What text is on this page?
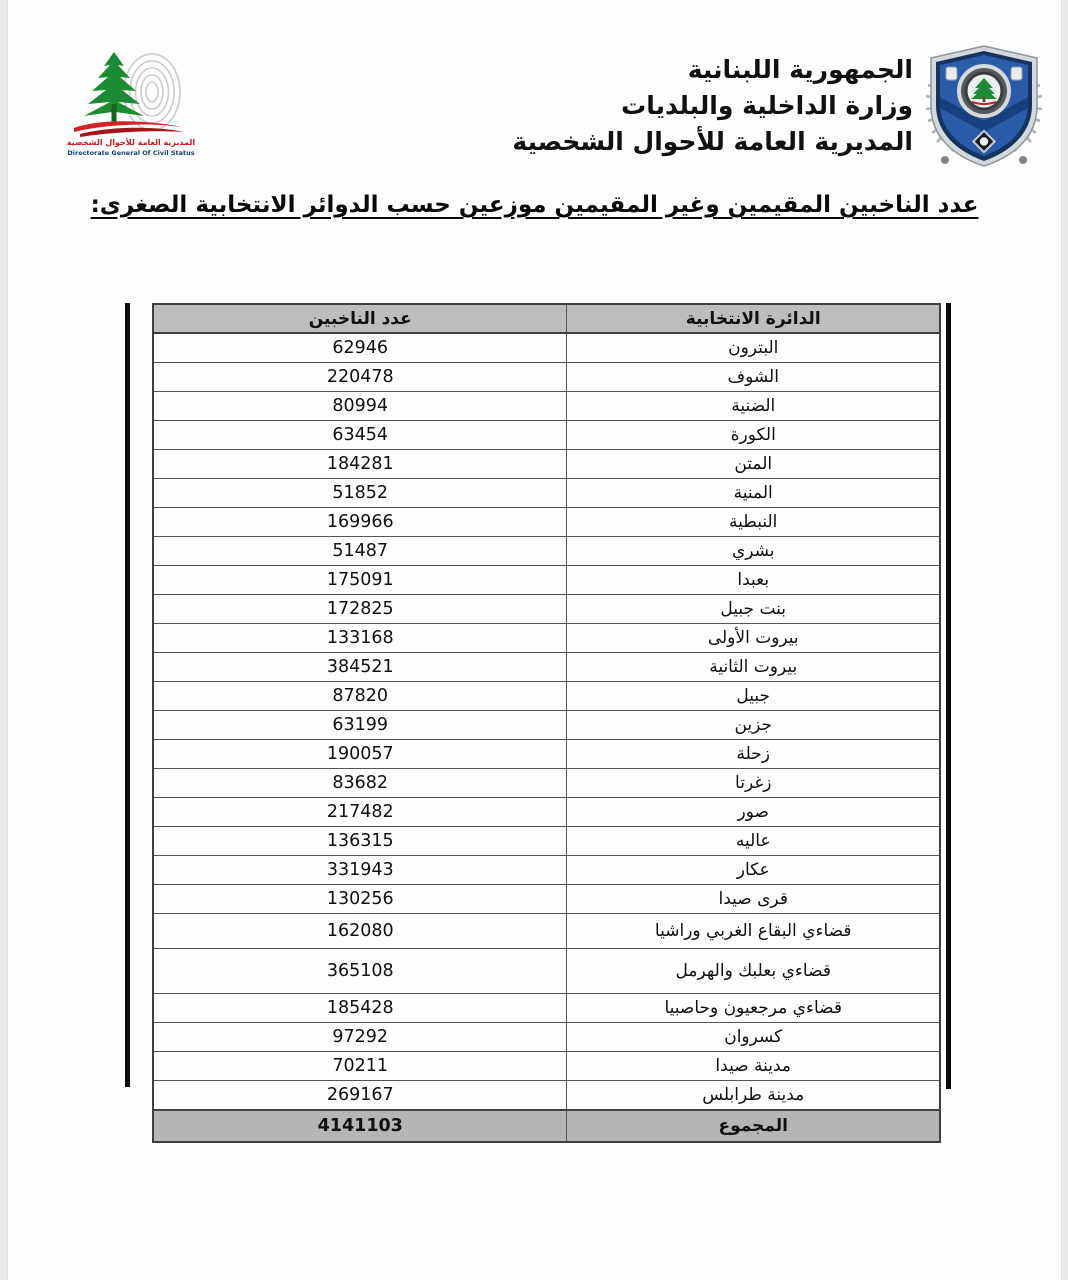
الجمهورية اللبنانية
وزارة الداخلية والبلديات
المديرية العامة للأحوال الشخصية
المديرية العامة للأحوال الشخصية
Directorate General Of Civil Status
عدد الناخبين المقيمين وغير المقيمين موزعين حسب الدوائر الانتخابية الصغرى:
الدائرة الانتخابية	عدد الناخبين
البترون	62946
الشوف	220478
الضنية	80994
الكورة	63454
المتن	184281
المنية	51852
النبطية	169966
بشري	51487
بعبدا	175091
بنت جبيل	172825
بيروت الأولى	133168
بيروت الثانية	384521
جبيل	87820
جزين	63199
زحلة	190057
زغرتا	83682
صور	217482
عاليه	136315
عكار	331943
قرى صيدا	130256
قضاءي البقاع الغربي وراشيا	162080
قضاءي بعلبك والهرمل	365108
قضاءي مرجعيون وحاصبيا	185428
كسروان	97292
مدينة صيدا	70211
مدينة طرابلس	269167
المجموع	4141103
